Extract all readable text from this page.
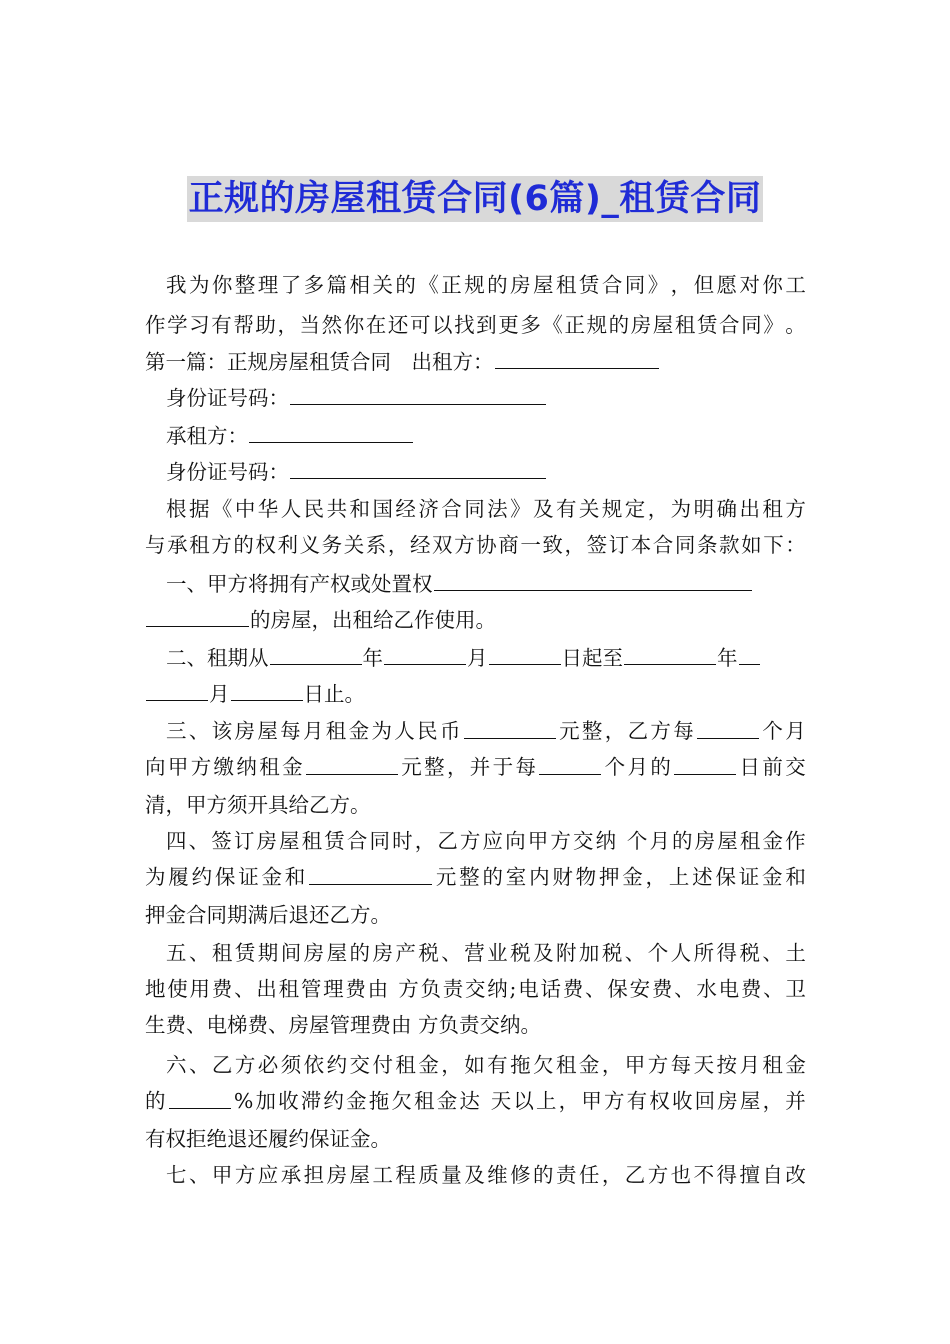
正规的房屋租赁合同(6篇)_租赁合同
我 为 你 整 理 了 多 篇 相 关 的 《 正 规 的 房 屋 租 赁 合 同 》 ， 但 愿 对 你 工
作 学 习 有 帮 助 ， 当 然 你 在 还 可 以 找 到 更 多 《 正 规 的 房 屋 租 赁 合 同 》 。
第一篇：正规房屋租赁合同　出租方：
身份证号码：
承租方：
身份证号码：
根 据 《 中 华 人 民 共 和 国 经 济 合 同 法 》 及 有 关 规 定 ， 为 明 确 出 租 方
与 承 租 方 的 权 利 义 务 关 系 ， 经 双 方 协 商 一 致 ， 签 订 本 合 同 条 款 如 下 ：
一、甲方将拥有产权或处置权
的房屋，出租给乙作使用。
二、租期从	年	月	日起至	年
月	日止。
三 、 该 房 屋 每 月 租 金 为 人 民 币	元 整 ， 乙 方 每	个 月
向 甲 方 缴 纳 租 金	元 整 ， 并 于 每	个 月 的	日 前 交
清，甲方须开具给乙方。
四 、 签 订 房 屋 租 赁 合 同 时 ， 乙 方 应 向 甲 方 交 纳
个 月 的 房 屋 租 金 作
为 履 约 保 证 金 和	元 整 的 室 内 财 物 押 金 ， 上 述 保 证 金 和
押金合同期满后退还乙方。
五 、 租 赁 期 间 房 屋 的 房 产 税 、 营 业 税 及 附 加 税 、 个 人 所 得 税 、 土
地 使 用 费 、 出 租 管 理 费 由
方 负 责 交 纳 ; 电 话 费 、 保 安 费 、 水 电 费 、 卫
生费、电梯费、房屋管理费由 方负责交纳。
六 、 乙 方 必 须 依 约 交 付 租 金 ， 如 有 拖 欠 租 金 ， 甲 方 每 天 按 月 租 金
的	% 加 收 滞 约 金 拖 欠 租 金 达
天 以 上 ， 甲 方 有 权 收 回 房 屋 ， 并
有权拒绝退还履约保证金。
七 、 甲 方 应 承 担 房 屋 工 程 质 量 及 维 修 的 责 任 ， 乙 方 也 不 得 擅 自 改
